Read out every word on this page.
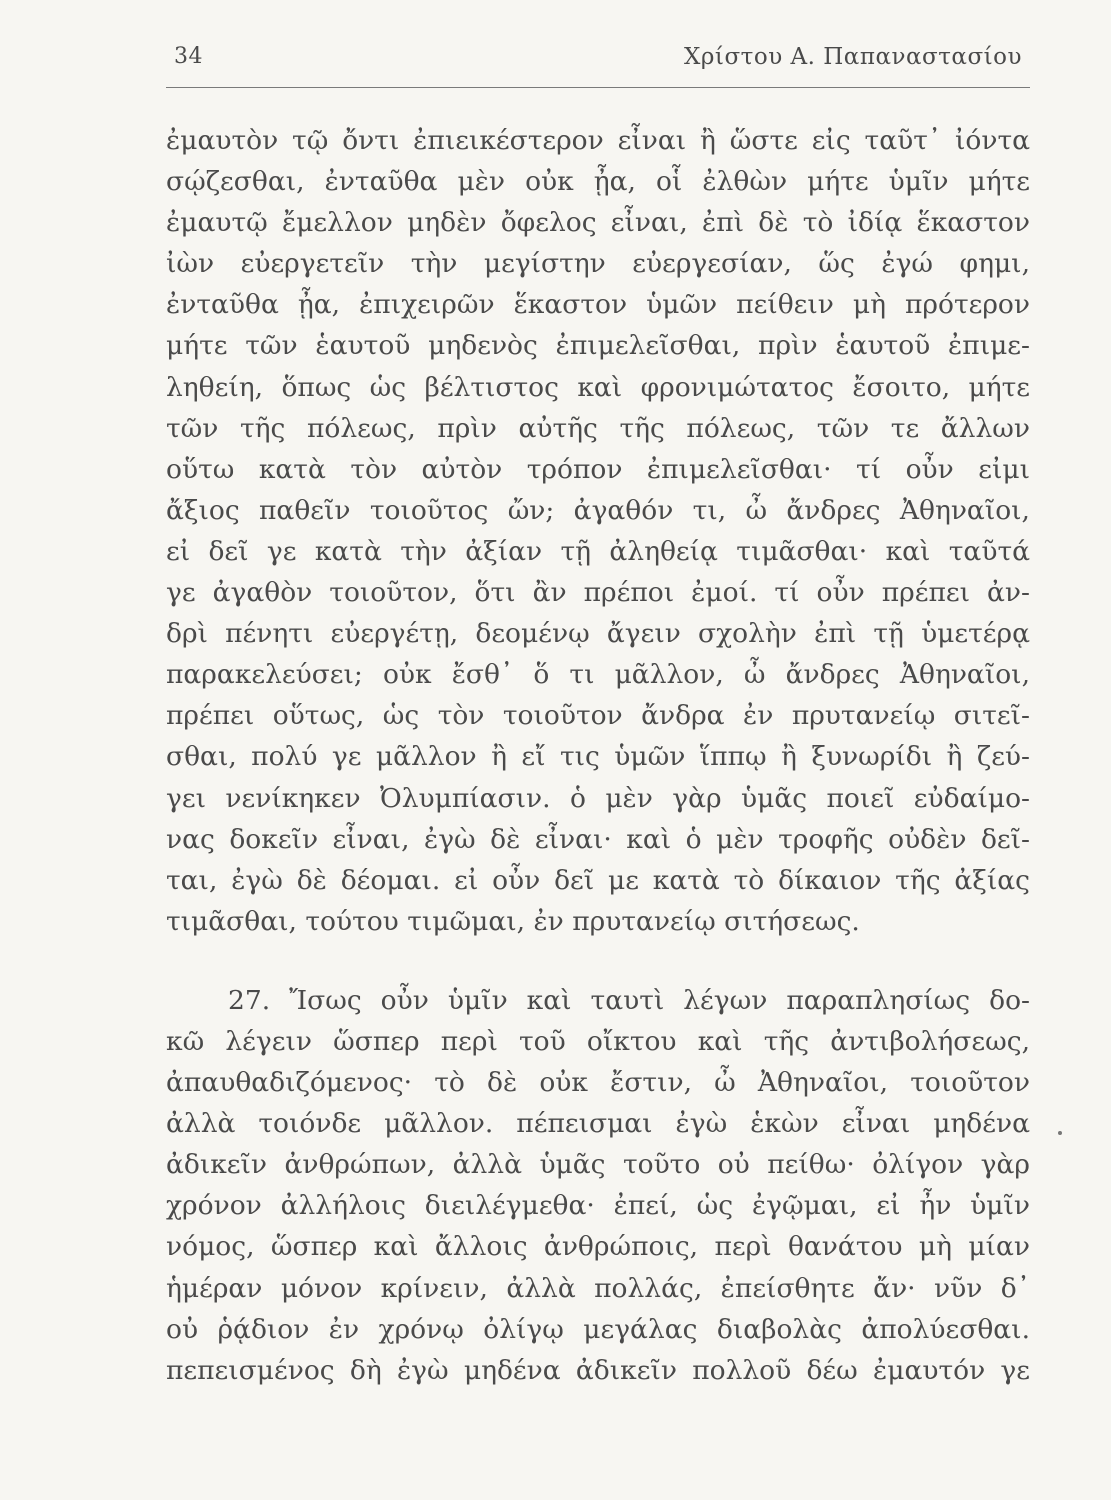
34	Χρίστου Α. Παπαναστασίου
ἐμαυτὸν τῷ ὄντι ἐπιεικέστερον εἶναι ἢ ὥστε εἰς ταῦτ᾿ ἰόντα
σῴζεσθαι, ἐνταῦθα μὲν οὐκ ᾖα, οἷ ἐλθὼν μήτε ὑμῖν μήτε
ἐμαυτῷ ἔμελλον μηδὲν ὄφελος εἶναι, ἐπὶ δὲ τὸ ἰδίᾳ ἕκαστον
ἰὼν εὐεργετεῖν τὴν μεγίστην εὐεργεσίαν, ὥς ἐγώ φημι,
ἐνταῦθα ᾖα, ἐπιχειρῶν ἕκαστον ὑμῶν πείθειν μὴ πρότερον
μήτε τῶν ἑαυτοῦ μηδενὸς ἐπιμελεῖσθαι, πρὶν ἑαυτοῦ ἐπιμε-
ληθείη, ὅπως ὡς βέλτιστος καὶ φρονιμώτατος ἔσοιτο, μήτε
τῶν τῆς πόλεως, πρὶν αὐτῆς τῆς πόλεως, τῶν τε ἄλλων
οὕτω κατὰ τὸν αὐτὸν τρόπον ἐπιμελεῖσθαι· τί οὖν εἰμι
ἄξιος παθεῖν τοιοῦτος ὤν; ἀγαθόν τι, ὦ ἄνδρες Ἀθηναῖοι,
εἰ δεῖ γε κατὰ τὴν ἀξίαν τῇ ἀληθείᾳ τιμᾶσθαι· καὶ ταῦτά
γε ἀγαθὸν τοιοῦτον, ὅτι ἂν πρέποι ἐμοί. τί οὖν πρέπει ἀν-
δρὶ πένητι εὐεργέτῃ, δεομένῳ ἄγειν σχολὴν ἐπὶ τῇ ὑμετέρᾳ
παρακελεύσει; οὐκ ἔσθ᾿ ὅ τι μᾶλλον, ὦ ἄνδρες Ἀθηναῖοι,
πρέπει οὕτως, ὡς τὸν τοιοῦτον ἄνδρα ἐν πρυτανείῳ σιτεῖ-
σθαι, πολύ γε μᾶλλον ἢ εἴ τις ὑμῶν ἵππῳ ἢ ξυνωρίδι ἢ ζεύ-
γει νενίκηκεν Ὀλυμπίασιν. ὁ μὲν γὰρ ὑμᾶς ποιεῖ εὐδαίμο-
νας δοκεῖν εἶναι, ἐγὼ δὲ εἶναι· καὶ ὁ μὲν τροφῆς οὐδὲν δεῖ-
ται, ἐγὼ δὲ δέομαι. εἰ οὖν δεῖ με κατὰ τὸ δίκαιον τῆς ἀξίας
τιμᾶσθαι, τούτου τιμῶμαι, ἐν πρυτανείῳ σιτήσεως.
27. Ἴσως οὖν ὑμῖν καὶ ταυτὶ λέγων παραπλησίως δο-
κῶ λέγειν ὥσπερ περὶ τοῦ οἴκτου καὶ τῆς ἀντιβολήσεως,
ἀπαυθαδιζόμενος· τὸ δὲ οὐκ ἔστιν, ὦ Ἀθηναῖοι, τοιοῦτον
ἀλλὰ τοιόνδε μᾶλλον. πέπεισμαι ἐγὼ ἑκὼν εἶναι μηδένα
ἀδικεῖν ἀνθρώπων, ἀλλὰ ὑμᾶς τοῦτο οὐ πείθω· ὀλίγον γὰρ
χρόνον ἀλλήλοις διειλέγμεθα· ἐπεί, ὡς ἐγῷμαι, εἰ ἦν ὑμῖν
νόμος, ὥσπερ καὶ ἄλλοις ἀνθρώποις, περὶ θανάτου μὴ μίαν
ἡμέραν μόνον κρίνειν, ἀλλὰ πολλάς, ἐπείσθητε ἄν· νῦν δ᾿
οὐ ῥᾴδιον ἐν χρόνῳ ὀλίγῳ μεγάλας διαβολὰς ἀπολύεσθαι.
πεπεισμένος δὴ ἐγὼ μηδένα ἀδικεῖν πολλοῦ δέω ἐμαυτόν γε
